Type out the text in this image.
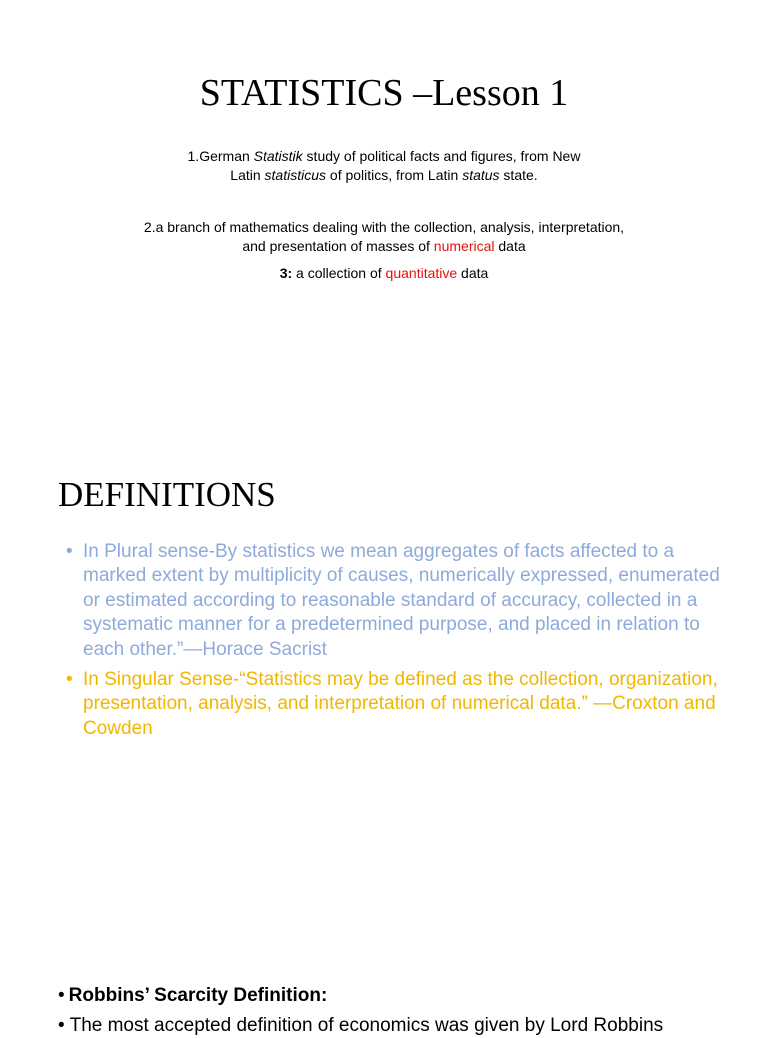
STATISTICS –Lesson 1
1.German Statistik study of political facts and figures, from New
Latin statisticus of politics, from Latin status state.
2.a branch of mathematics dealing with the collection, analysis, interpretation,
and presentation of masses of numerical data
3: a collection of quantitative data
DEFINITIONS
• In Plural sense-By statistics we mean aggregates of facts affected to a marked extent by multiplicity of causes, numerically expressed, enumerated or estimated according to reasonable standard of accuracy, collected in a systematic manner for a predetermined purpose, and placed in relation to each other.”—Horace Sacrist
• In Singular Sense-“Statistics may be defined as the collection, organization, presentation, analysis, and interpretation of numerical data.” —Croxton and Cowden
• Robbins’ Scarcity Definition:
• The most accepted definition of economics was given by Lord Robbins
